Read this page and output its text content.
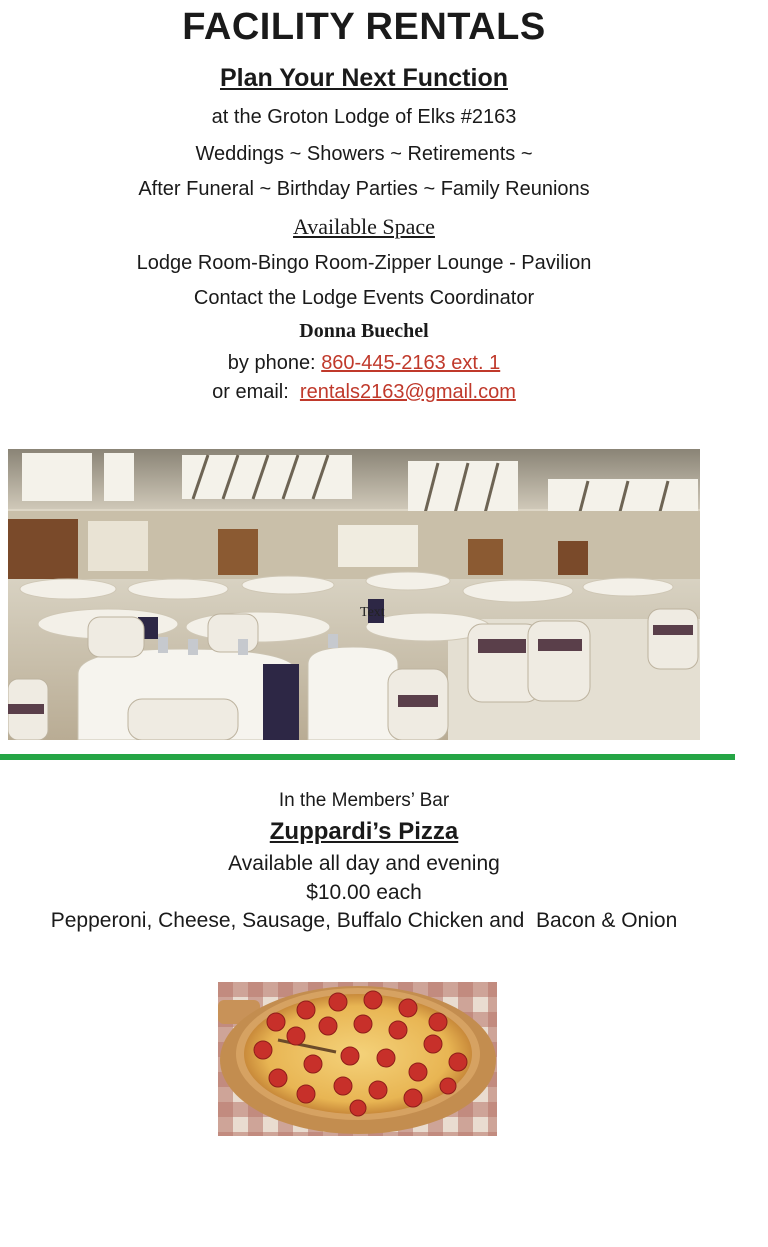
FACILITY RENTALS
Plan Your Next Function
at the Groton Lodge of Elks #2163
Weddings ~ Showers ~ Retirements ~
After Funeral ~ Birthday Parties ~ Family Reunions
Available Space
Lodge Room-Bingo Room-Zipper Lounge - Pavilion
Contact the Lodge Events Coordinator
Donna Buechel
by phone: 860-445-2163 ext. 1
or email:  rentals2163@gmail.com
Text
In the Members’ Bar
Zuppardi’s Pizza
Available all day and evening
$10.00 each
Pepperoni, Cheese, Sausage, Buffalo Chicken and  Bacon & Onion
